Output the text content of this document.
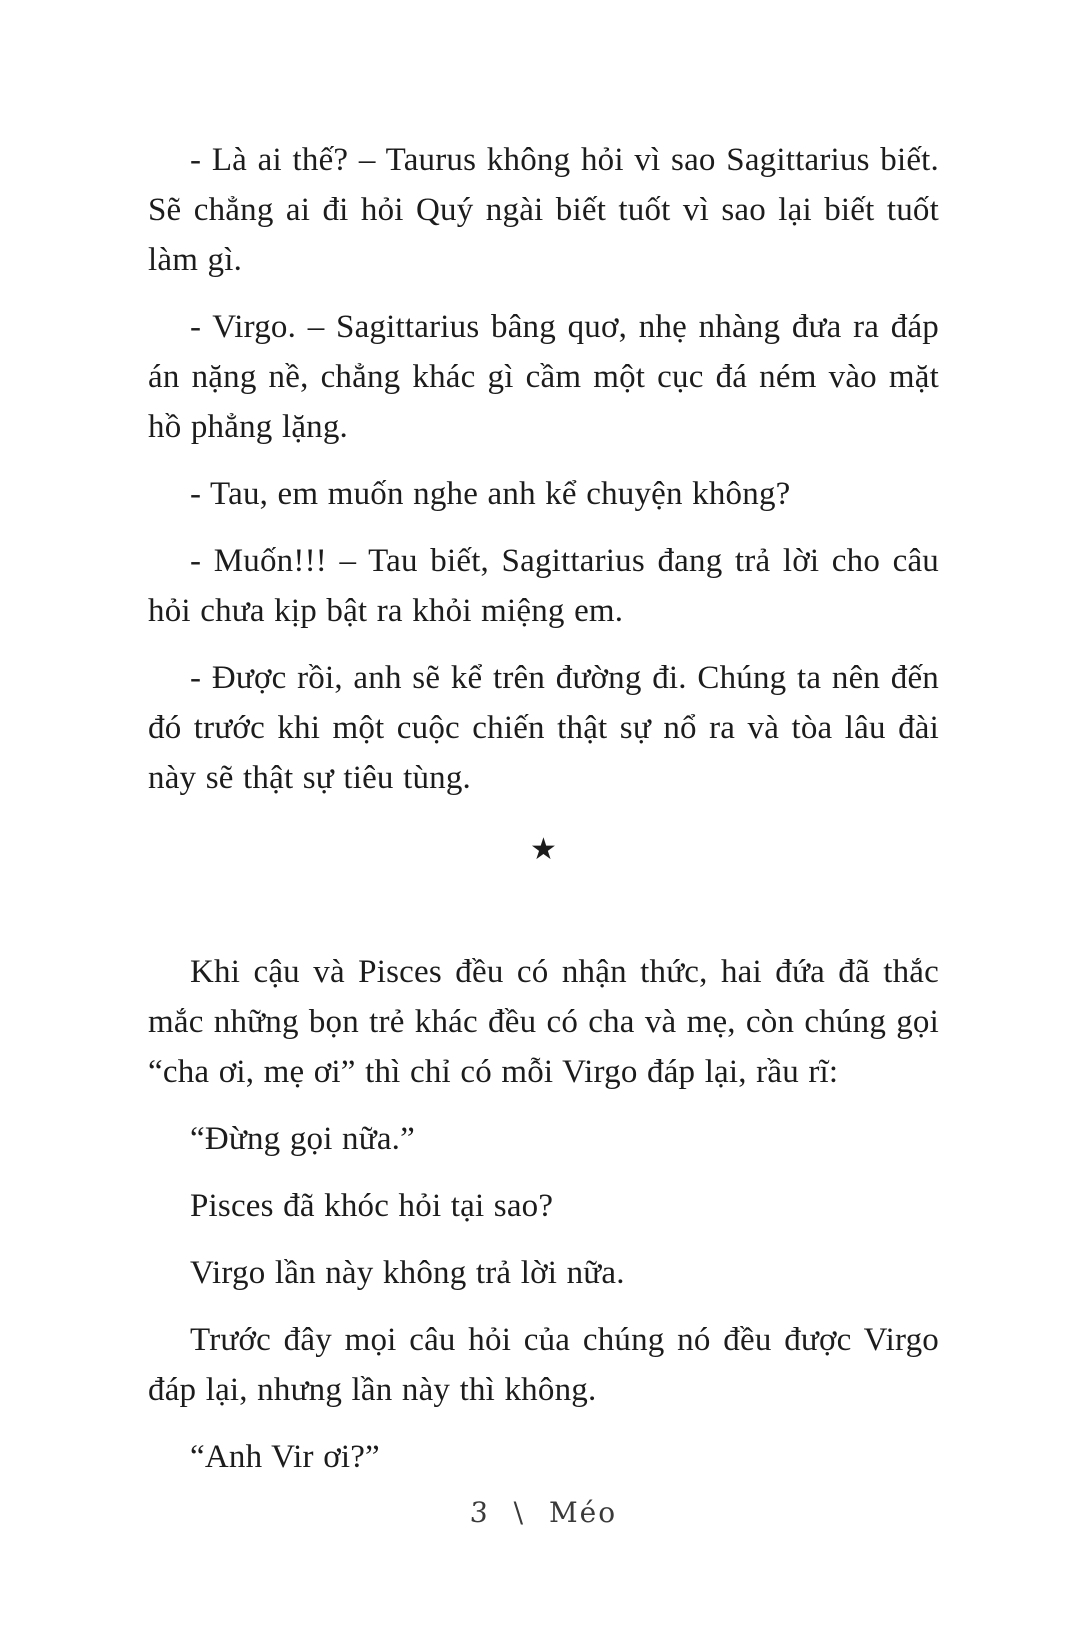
- Là ai thế? – Taurus không hỏi vì sao Sagittarius biết. Sẽ chẳng ai đi hỏi Quý ngài biết tuốt vì sao lại biết tuốt làm gì.

- Virgo. – Sagittarius bâng quơ, nhẹ nhàng đưa ra đáp án nặng nề, chẳng khác gì cầm một cục đá ném vào mặt hồ phẳng lặng.

- Tau, em muốn nghe anh kể chuyện không?

- Muốn!!! – Tau biết, Sagittarius đang trả lời cho câu hỏi chưa kịp bật ra khỏi miệng em.

- Được rồi, anh sẽ kể trên đường đi. Chúng ta nên đến đó trước khi một cuộc chiến thật sự nổ ra và tòa lâu đài này sẽ thật sự tiêu tùng.

★

Khi cậu và Pisces đều có nhận thức, hai đứa đã thắc mắc những bọn trẻ khác đều có cha và mẹ, còn chúng gọi “cha ơi, mẹ ơi” thì chỉ có mỗi Virgo đáp lại, rầu rĩ:

“Đừng gọi nữa.”

Pisces đã khóc hỏi tại sao?

Virgo lần này không trả lời nữa.

Trước đây mọi câu hỏi của chúng nó đều được Virgo đáp lại, nhưng lần này thì không.

“Anh Vir ơi?”

3 \ Méo
